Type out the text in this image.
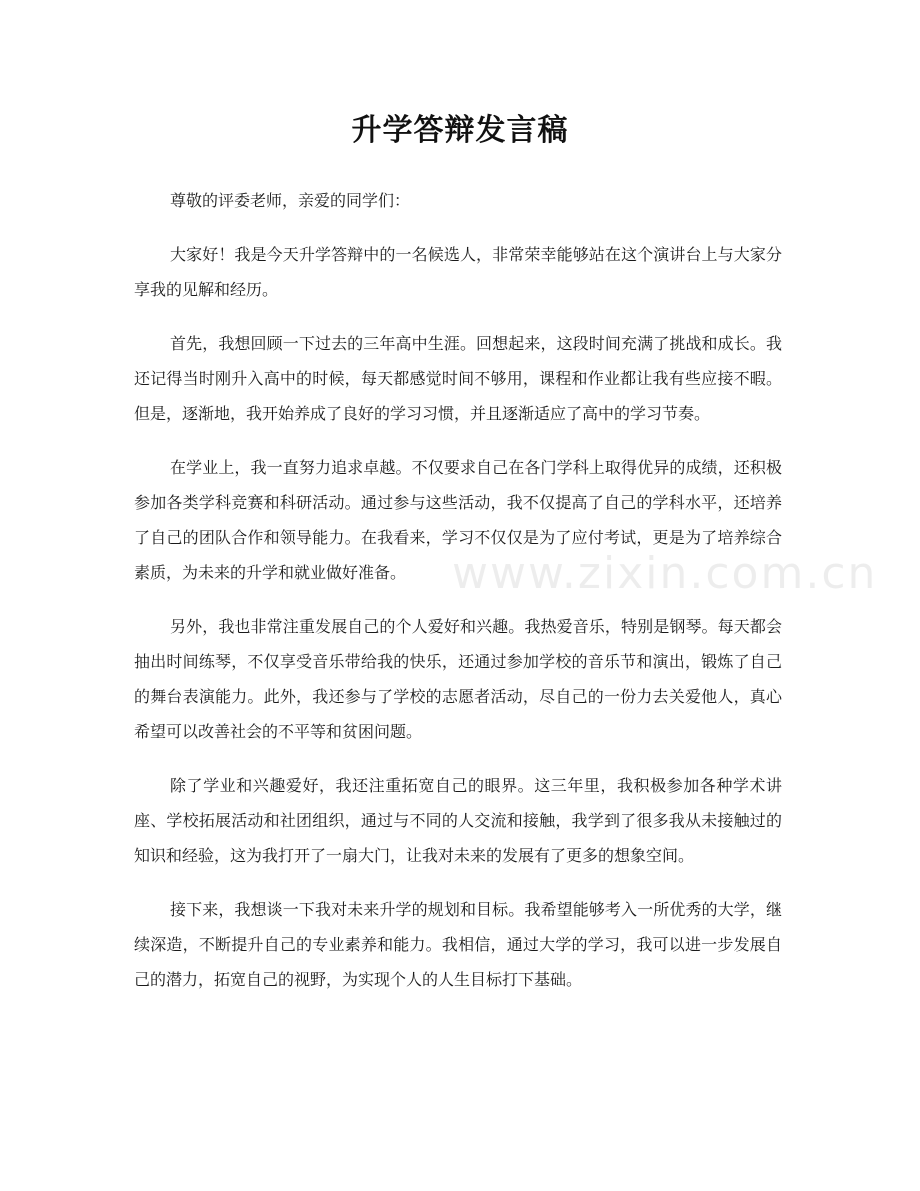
升学答辩发言稿

尊敬的评委老师，亲爱的同学们：

大家好！我是今天升学答辩中的一名候选人，非常荣幸能够站在这个演讲台上与大家分享我的见解和经历。

首先，我想回顾一下过去的三年高中生涯。回想起来，这段时间充满了挑战和成长。我还记得当时刚升入高中的时候，每天都感觉时间不够用，课程和作业都让我有些应接不暇。但是，逐渐地，我开始养成了良好的学习习惯，并且逐渐适应了高中的学习节奏。

在学业上，我一直努力追求卓越。不仅要求自己在各门学科上取得优异的成绩，还积极参加各类学科竞赛和科研活动。通过参与这些活动，我不仅提高了自己的学科水平，还培养了自己的团队合作和领导能力。在我看来，学习不仅仅是为了应付考试，更是为了培养综合素质，为未来的升学和就业做好准备。

另外，我也非常注重发展自己的个人爱好和兴趣。我热爱音乐，特别是钢琴。每天都会抽出时间练琴，不仅享受音乐带给我的快乐，还通过参加学校的音乐节和演出，锻炼了自己的舞台表演能力。此外，我还参与了学校的志愿者活动，尽自己的一份力去关爱他人，真心希望可以改善社会的不平等和贫困问题。

除了学业和兴趣爱好，我还注重拓宽自己的眼界。这三年里，我积极参加各种学术讲座、学校拓展活动和社团组织，通过与不同的人交流和接触，我学到了很多我从未接触过的知识和经验，这为我打开了一扇大门，让我对未来的发展有了更多的想象空间。

接下来，我想谈一下我对未来升学的规划和目标。我希望能够考入一所优秀的大学，继续深造，不断提升自己的专业素养和能力。我相信，通过大学的学习，我可以进一步发展自己的潜力，拓宽自己的视野，为实现个人的人生目标打下基础。

www.zixin.com.cn
